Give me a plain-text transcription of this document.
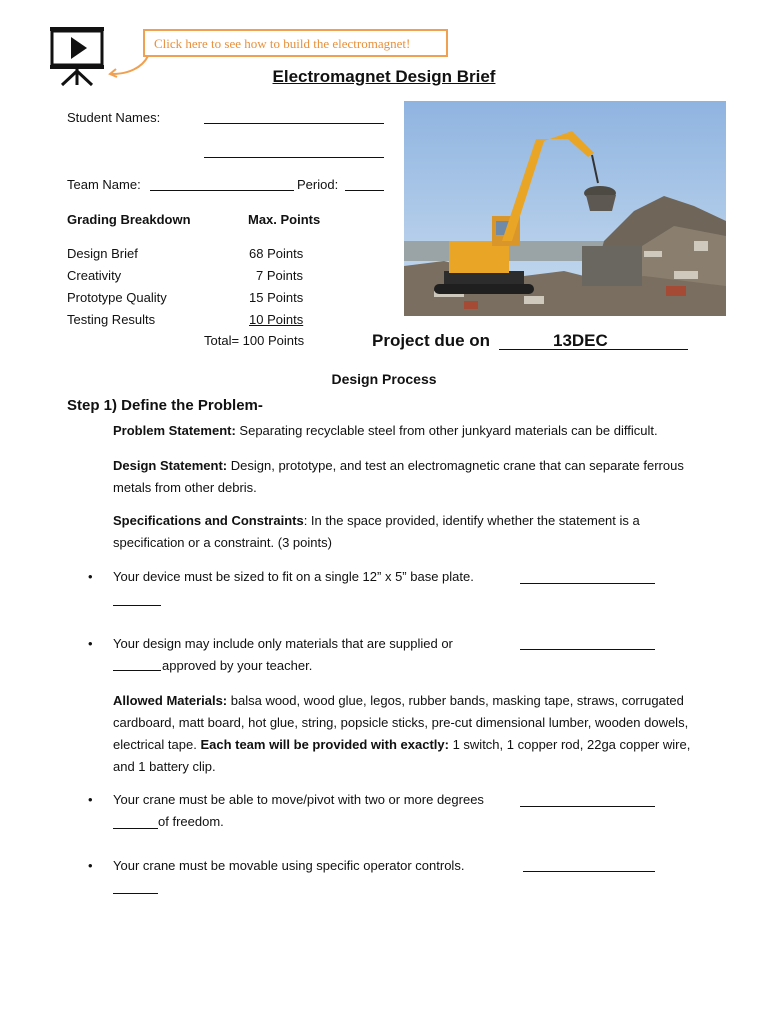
Click here to see how to build the electromagnet!
Electromagnet Design Brief
Student Names:
Team Name:	Period:
Grading Breakdown	Max. Points
Design Brief	68 Points
Creativity	7 Points
Prototype Quality	15 Points
Testing Results	10 Points
Total= 100 Points	Project due on	13DEC
Design Process
Step 1) Define the Problem-
Problem Statement: Separating recyclable steel from other junkyard materials can be difficult.
Design Statement: Design, prototype, and test an electromagnetic crane that can separate ferrous metals from other debris.
Specifications and Constraints: In the space provided, identify whether the statement is a specification or a constraint. (3 points)
• Your device must be sized to fit on a single 12” x 5” base plate.
• Your design may include only materials that are supplied or
approved by your teacher.
Allowed Materials: balsa wood, wood glue, legos, rubber bands, masking tape, straws, corrugated cardboard, matt board, hot glue, string, popsicle sticks, pre-cut dimensional lumber, wooden dowels, electrical tape. Each team will be provided with exactly: 1 switch, 1 copper rod, 22ga copper wire, and 1 battery clip.
• Your crane must be able to move/pivot with two or more degrees
of freedom.
• Your crane must be movable using specific operator controls.
